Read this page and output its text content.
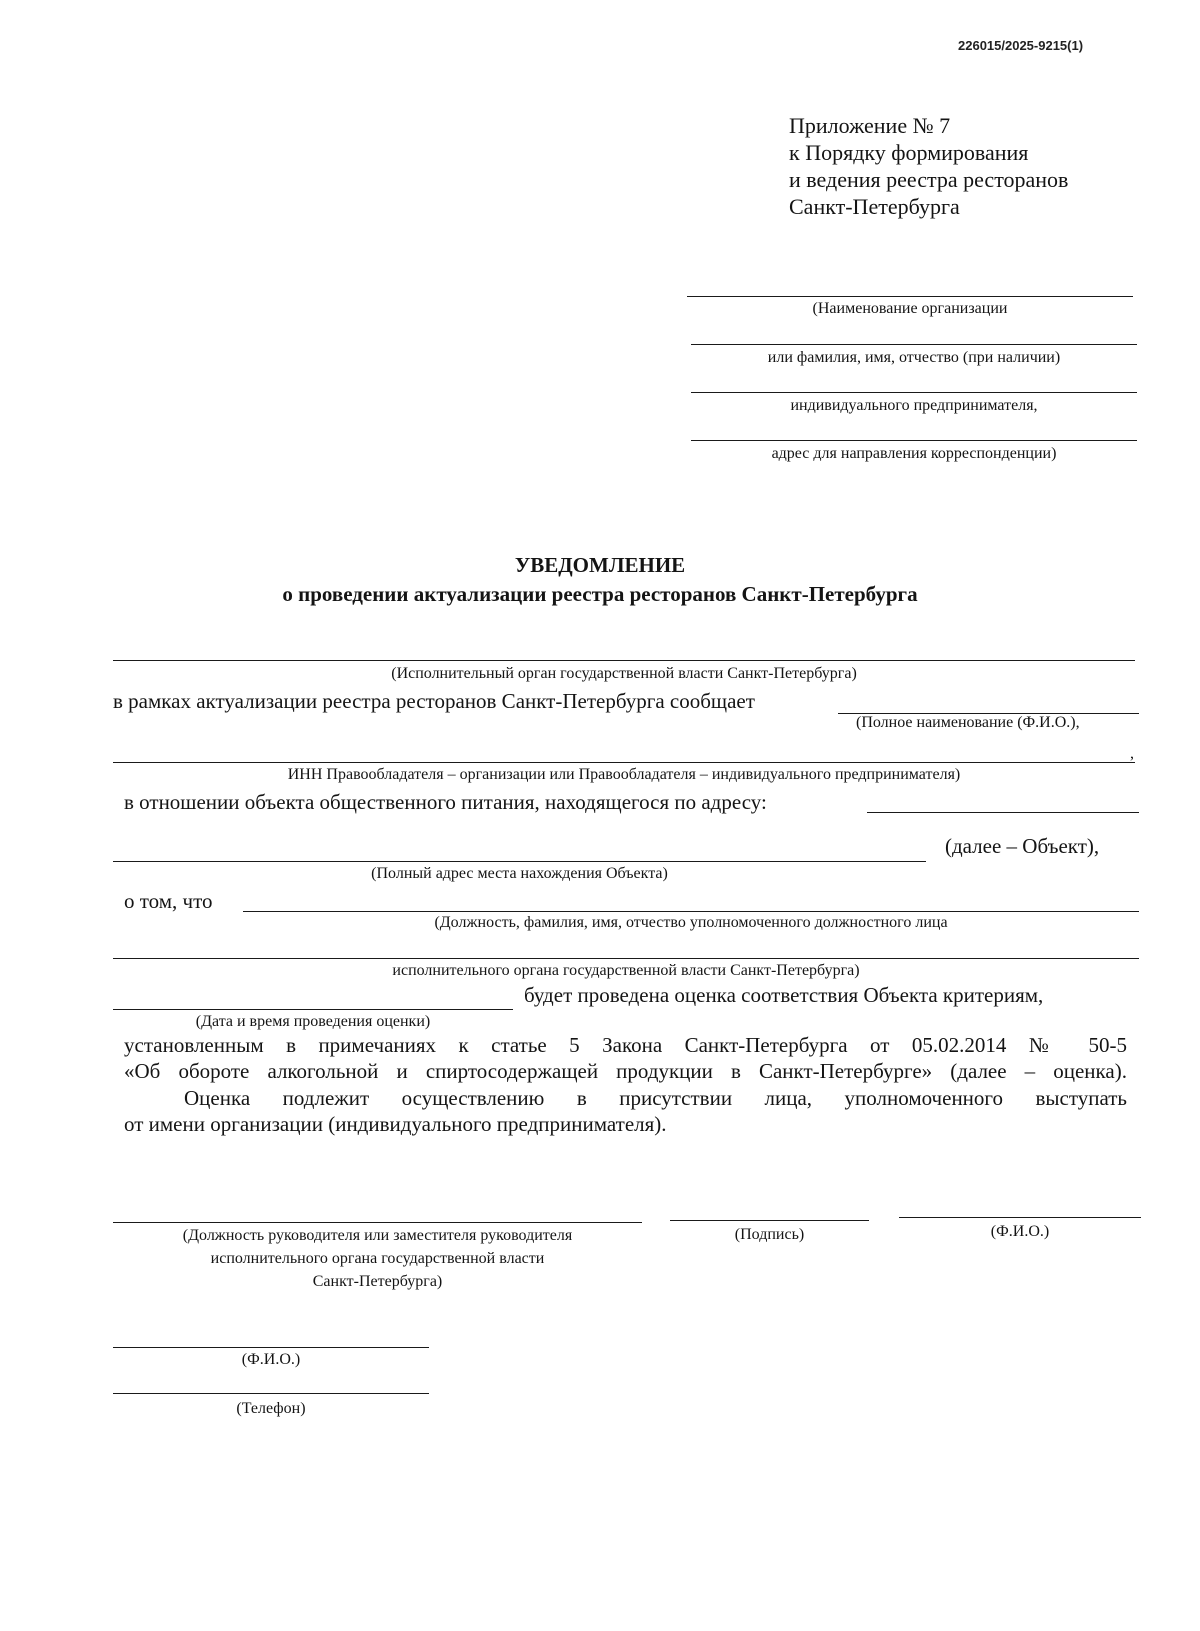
226015/2025-9215(1)
Приложение № 7
к Порядку формирования
и ведения реестра ресторанов
Санкт-Петербурга
(Наименование организации
или фамилия, имя, отчество (при наличии)
индивидуального предпринимателя,
адрес для направления корреспонденции)
УВЕДОМЛЕНИЕ
о проведении актуализации реестра ресторанов Санкт-Петербурга
(Исполнительный орган государственной власти Санкт-Петербурга)
в рамках актуализации реестра ресторанов Санкт-Петербурга сообщает
(Полное наименование (Ф.И.О.),
,
ИНН Правообладателя – организации или Правообладателя – индивидуального предпринимателя)
в отношении объекта общественного питания, находящегося по адресу:
(далее – Объект),
(Полный адрес места нахождения Объекта)
о том, что
(Должность, фамилия, имя, отчество уполномоченного должностного лица
исполнительного органа государственной власти Санкт-Петербурга)
будет проведена оценка соответствия Объекта критериям,
(Дата и время проведения оценки)
установленным в примечаниях к статье 5 Закона Санкт-Петербурга от 05.02.2014 № 50-5
«Об обороте алкогольной и спиртосодержащей продукции в Санкт-Петербурге» (далее – оценка).
Оценка подлежит осуществлению в присутствии лица, уполномоченного выступать
от имени организации (индивидуального предпринимателя).
(Должность руководителя или заместителя руководителя
исполнительного органа государственной власти
Санкт-Петербурга)
(Подпись)	(Ф.И.О.)
(Ф.И.О.)
(Телефон)
